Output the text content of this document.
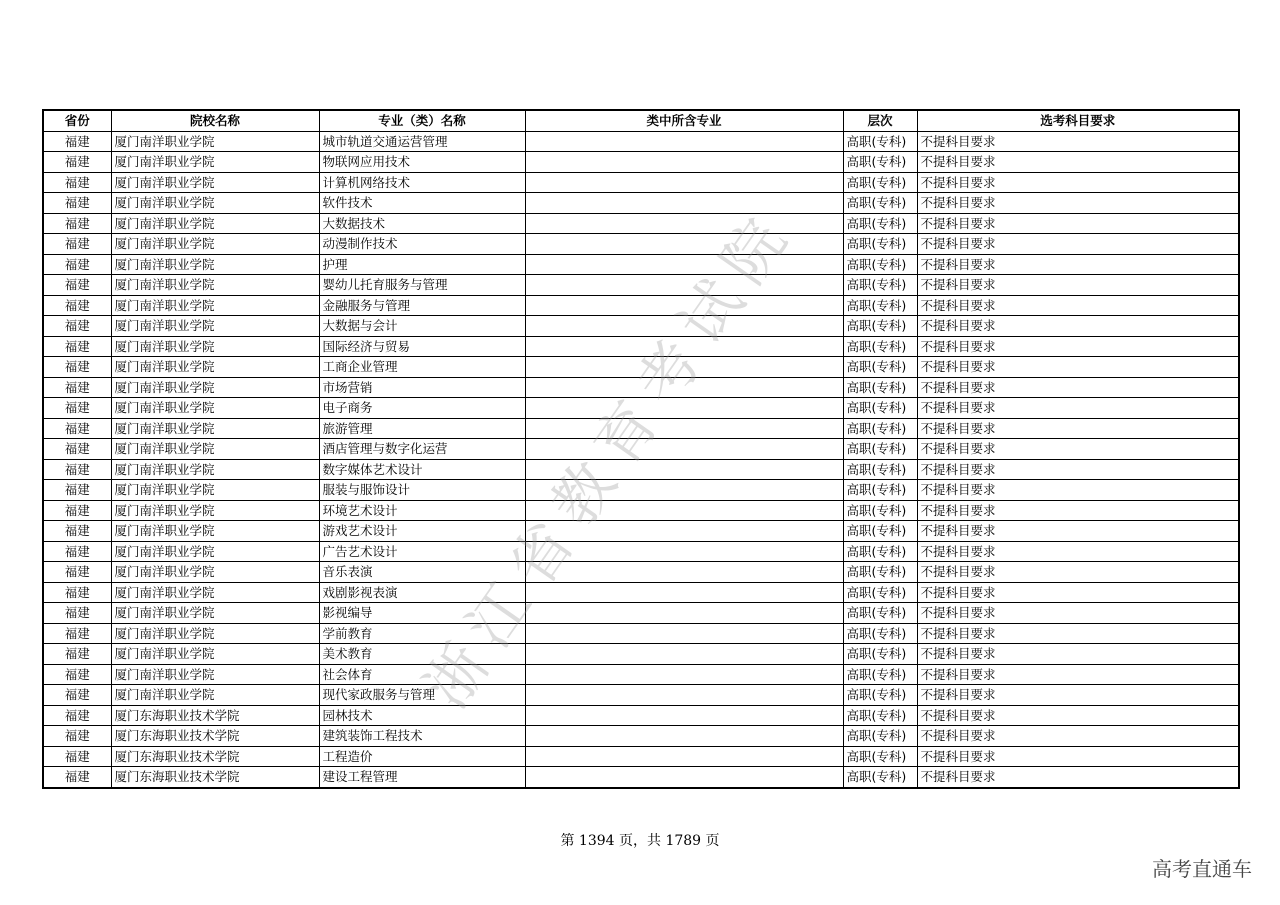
省份	院校名称	专业（类）名称	类中所含专业	层次	选考科目要求
福建	厦门南洋职业学院	城市轨道交通运营管理		高职(专科)	不提科目要求
福建	厦门南洋职业学院	物联网应用技术		高职(专科)	不提科目要求
福建	厦门南洋职业学院	计算机网络技术		高职(专科)	不提科目要求
福建	厦门南洋职业学院	软件技术		高职(专科)	不提科目要求
福建	厦门南洋职业学院	大数据技术		高职(专科)	不提科目要求
福建	厦门南洋职业学院	动漫制作技术		高职(专科)	不提科目要求
福建	厦门南洋职业学院	护理		高职(专科)	不提科目要求
福建	厦门南洋职业学院	婴幼儿托育服务与管理		高职(专科)	不提科目要求
福建	厦门南洋职业学院	金融服务与管理		高职(专科)	不提科目要求
福建	厦门南洋职业学院	大数据与会计		高职(专科)	不提科目要求
福建	厦门南洋职业学院	国际经济与贸易		高职(专科)	不提科目要求
福建	厦门南洋职业学院	工商企业管理		高职(专科)	不提科目要求
福建	厦门南洋职业学院	市场营销		高职(专科)	不提科目要求
福建	厦门南洋职业学院	电子商务		高职(专科)	不提科目要求
福建	厦门南洋职业学院	旅游管理		高职(专科)	不提科目要求
福建	厦门南洋职业学院	酒店管理与数字化运营		高职(专科)	不提科目要求
福建	厦门南洋职业学院	数字媒体艺术设计		高职(专科)	不提科目要求
福建	厦门南洋职业学院	服装与服饰设计		高职(专科)	不提科目要求
福建	厦门南洋职业学院	环境艺术设计		高职(专科)	不提科目要求
福建	厦门南洋职业学院	游戏艺术设计		高职(专科)	不提科目要求
福建	厦门南洋职业学院	广告艺术设计		高职(专科)	不提科目要求
福建	厦门南洋职业学院	音乐表演		高职(专科)	不提科目要求
福建	厦门南洋职业学院	戏剧影视表演		高职(专科)	不提科目要求
福建	厦门南洋职业学院	影视编导		高职(专科)	不提科目要求
福建	厦门南洋职业学院	学前教育		高职(专科)	不提科目要求
福建	厦门南洋职业学院	美术教育		高职(专科)	不提科目要求
福建	厦门南洋职业学院	社会体育		高职(专科)	不提科目要求
福建	厦门南洋职业学院	现代家政服务与管理		高职(专科)	不提科目要求
福建	厦门东海职业技术学院	园林技术		高职(专科)	不提科目要求
福建	厦门东海职业技术学院	建筑装饰工程技术		高职(专科)	不提科目要求
福建	厦门东海职业技术学院	工程造价		高职(专科)	不提科目要求
福建	厦门东海职业技术学院	建设工程管理		高职(专科)	不提科目要求
浙江省教育考试院
第 1394 页，共 1789 页
高考直通车
